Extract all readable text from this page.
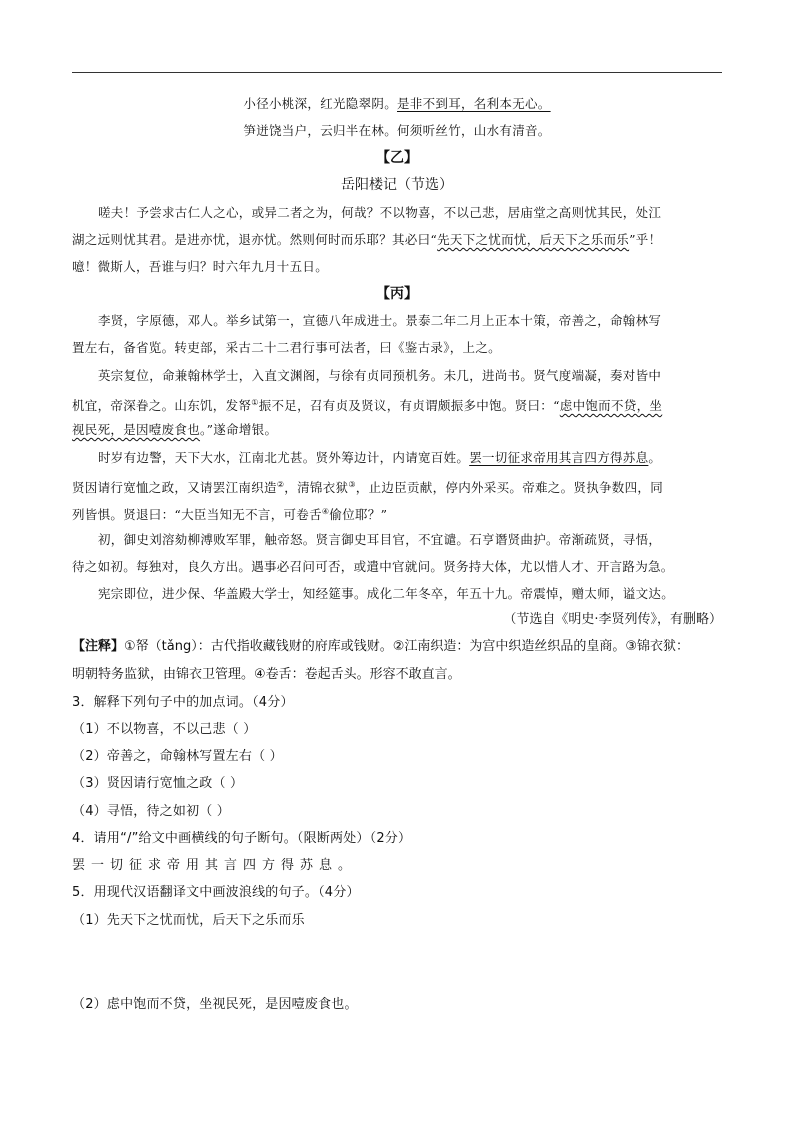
小径小桃深，红光隐翠阴。是非不到耳，名利本无心。
笋迸饶当户，云归半在林。何须听丝竹，山水有清音。
【乙】
岳阳楼记（节选）
嗟夫！予尝求古仁人之心，或异二者之为，何哉？不以物喜，不以己悲，居庙堂之高则忧其民，处江
湖之远则忧其君。是进亦忧，退亦忧。然则何时而乐耶？其必曰“先天下之忧而忧，后天下之乐而乐”乎！
噫！微斯人，吾谁与归？时六年九月十五日。
【丙】
李贤，字原德，邓人。举乡试第一，宣德八年成进士。景泰二年二月上正本十策，帝善之，命翰林写
置左右，备省览。转吏部，采古二十二君行事可法者，曰《鉴古录》，上之。
英宗复位，命兼翰林学士，入直文渊阁，与徐有贞同预机务。未几，进尚书。贤气度端凝，奏对皆中
机宜，帝深眷之。山东饥，发帑①振不足，召有贞及贤议，有贞谓颇振多中饱。贤曰：“虑中饱而不贷，坐
视民死，是因噎废食也。”遂命增银。
时岁有边警，天下大水，江南北尤甚。贤外筹边计，内请宽百姓。罢一切征求帝用其言四方得苏息。
贤因请行宽恤之政，又请罢江南织造②，清锦衣狱③，止边臣贡献，停内外采买。帝难之。贤执争数四，同
列皆惧。贤退曰：“大臣当知无不言，可卷舌④偷位耶？”
初，御史刘溶劾柳溥败军罪，触帝怒。贤言御史耳目官，不宜谴。石亨谮贤曲护。帝渐疏贤，寻悟，
待之如初。每独对，良久方出。遇事必召问可否，或遣中官就问。贤务持大体，尤以惜人才、开言路为急。
宪宗即位，进少保、华盖殿大学士，知经筵事。成化二年冬卒，年五十九。帝震悼，赠太师，谥文达。
（节选自《明史·李贤列传》，有删略）
【注释】①帑（tǎng）：古代指收藏钱财的府库或钱财。②江南织造：为宫中织造丝织品的皇商。③锦衣狱：
明朝特务监狱，由锦衣卫管理。④卷舌：卷起舌头。形容不敢直言。
3．解释下列句子中的加点词。（4分）
（1）不以物喜，不以己悲（ ）
（2）帝善之，命翰林写置左右（ ）
（3）贤因请行宽恤之政（ ）
（4）寻悟，待之如初（ ）
4．请用“/”给文中画横线的句子断句。（限断两处）（2分）
罢一切征求帝用其言四方得苏息。
5．用现代汉语翻译文中画波浪线的句子。（4分）
（1）先天下之忧而忧，后天下之乐而乐
（2）虑中饱而不贷，坐视民死，是因噎废食也。
